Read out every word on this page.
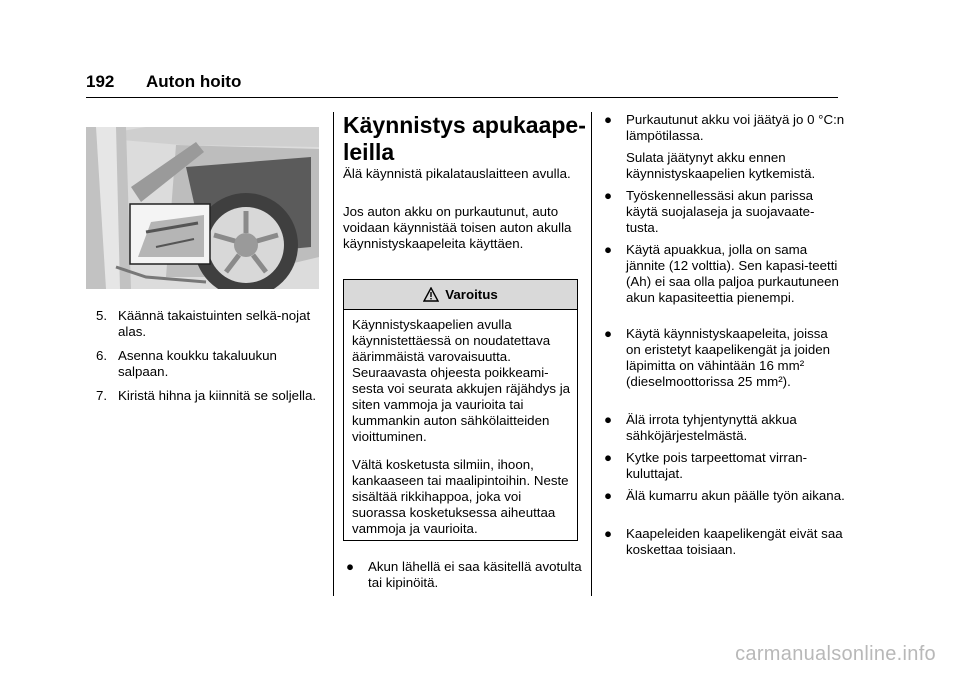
192 Auton hoito
5. Käännä takaistuinten selkä-nojat alas.
6. Asenna koukku takaluukun salpaan.
7. Kiristä hihna ja kiinnitä se soljella.
Käynnistys apukaape-
leilla
Älä käynnistä pikalatauslaitteen avulla.
Jos auton akku on purkautunut, auto voidaan käynnistää toisen auton akulla käynnistyskaapeleita käyttäen.
Varoitus
Käynnistyskaapelien avulla käynnistettäessä on noudatettava äärimmäistä varovaisuutta. Seuraavasta ohjeesta poikkeami-sesta voi seurata akkujen räjähdys ja siten vammoja ja vaurioita tai kummankin auton sähkölaitteiden vioittuminen.
Vältä kosketusta silmiin, ihoon, kankaaseen tai maalipintoihin. Neste sisältää rikkihappoa, joka voi suorassa kosketuksessa aiheuttaa vammoja ja vaurioita.
● Akun lähellä ei saa käsitellä avotulta tai kipinöitä.
● Purkautunut akku voi jäätyä jo 0 °C:n lämpötilassa.
Sulata jäätynyt akku ennen käynnistyskaapelien kytkemistä.
● Työskennellessäsi akun parissa käytä suojalaseja ja suojavaate-tusta.
● Käytä apuakkua, jolla on sama jännite (12 volttia). Sen kapasi-teetti (Ah) ei saa olla paljoa purkautuneen akun kapasiteettia pienempi.
● Käytä käynnistyskaapeleita, joissa on eristetyt kaapelikengät ja joiden läpimitta on vähintään 16 mm² (dieselmoottorissa 25 mm²).
● Älä irrota tyhjentynyttä akkua sähköjärjestelmästä.
● Kytke pois tarpeettomat virran-kuluttajat.
● Älä kumarru akun päälle työn aikana.
● Kaapeleiden kaapelikengät eivät saa koskettaa toisiaan.
carmanualsonline.info
